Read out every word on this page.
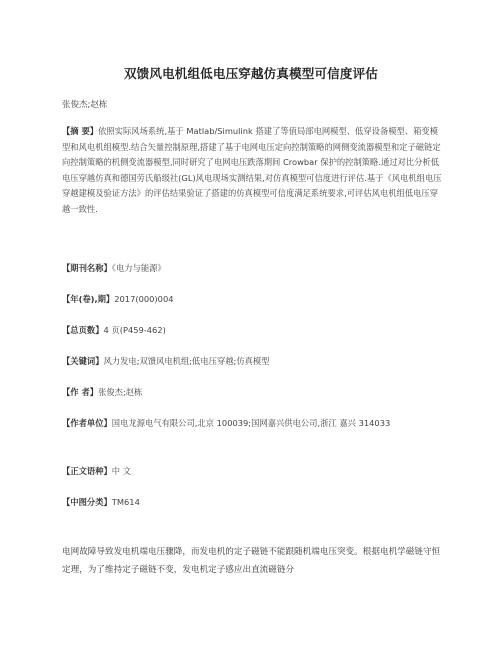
双馈风电机组低电压穿越仿真模型可信度评估
张俊杰;赵栋
【摘 要】依照实际风场系统,基于 Matlab/Simulink 搭建了等值局部电网模型、低穿设备模型、箱变模型和风电机组模型.结合矢量控制原理,搭建了基于电网电压定向控制策略的网侧变流器模型和定子磁链定向控制策略的机侧变流器模型,同时研究了电网电压跌落期间 Crowbar 保护的控制策略.通过对比分析低电压穿越仿真和德国劳氏船级社(GL)风电现场实测结果,对仿真模型可信度进行评估.基于《风电机组电压穿越建模及验证方法》的评估结果验证了搭建的仿真模型可信度满足系统要求,可评估风电机组低电压穿越一致性.
【期刊名称】《电力与能源》
【年(卷),期】2017(000)004
【总页数】4 页(P459-462)
【关键词】风力发电;双馈风电机组;低电压穿越;仿真模型
【作 者】张俊杰;赵栋
【作者单位】国电龙源电气有限公司,北京 100039;国网嘉兴供电公司,浙江 嘉兴 314033
【正文语种】中 文
【中图分类】TM614
电网故障导致发电机端电压骤降，而发电机的定子磁链不能跟随机端电压突变。根据电机学磁链守恒定理，为了维持定子磁链不变，发电机定子感应出直流磁链分
